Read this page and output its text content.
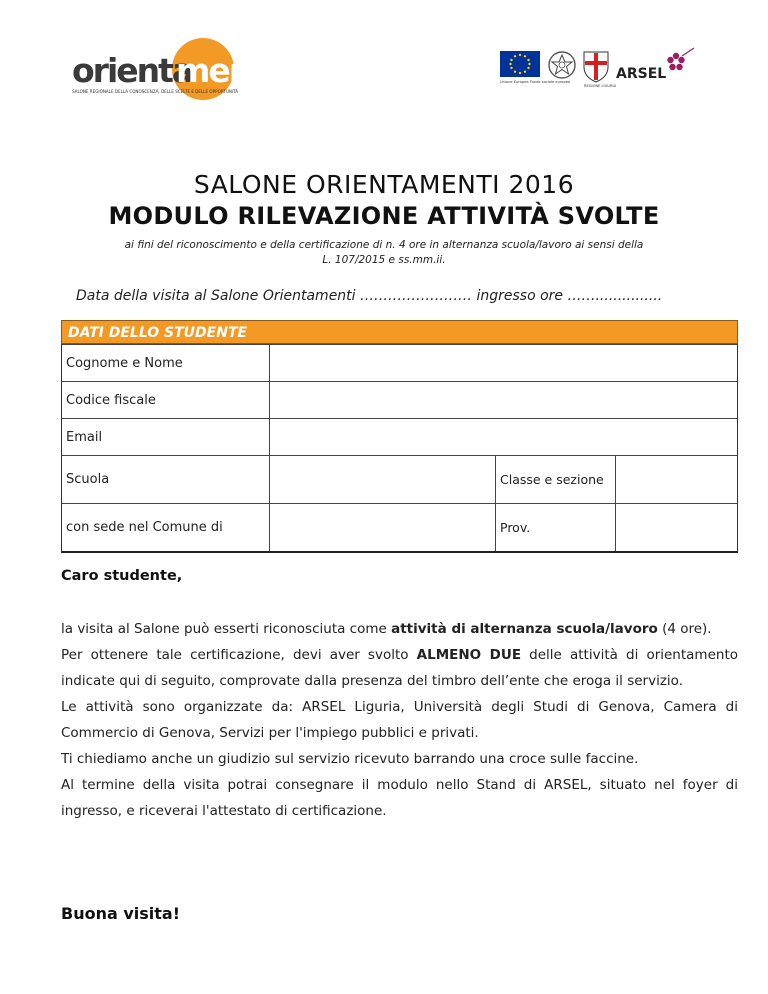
orienta
menti
SALONE REGIONALE DELLA CONOSCENZA, DELLE SCELTE E DELLE OPPORTUNITÀ
Unione Europea Fondo sociale europeo
REGIONE LIGURIA
ARSEL
SALONE ORIENTAMENTI 2016
MODULO RILEVAZIONE ATTIVITÀ SVOLTE
ai fini del riconoscimento e della certificazione di n. 4 ore in alternanza scuola/lavoro ai sensi della
L. 107/2015 e ss.mm.ii.
Data della visita al Salone Orientamenti …………………… ingresso ore ……...............
DATI DELLO STUDENTE
Cognome e Nome
Codice fiscale
Email
Scuola	Classe e sezione
con sede nel Comune di	Prov.
Caro studente,

la visita al Salone può esserti riconosciuta come attività di alternanza scuola/lavoro (4 ore).

Per ottenere tale certificazione, devi aver svolto ALMENO DUE delle attività di orientamento indicate qui di seguito, comprovate dalla presenza del timbro dell’ente che eroga il servizio.

Le attività sono organizzate da: ARSEL Liguria, Università degli Studi di Genova, Camera di Commercio di Genova, Servizi per l'impiego pubblici e privati.

Ti chiediamo anche un giudizio sul servizio ricevuto barrando una croce sulle faccine.

Al termine della visita potrai consegnare il modulo nello Stand di ARSEL, situato nel foyer di ingresso, e riceverai l'attestato di certificazione.

Buona visita!
